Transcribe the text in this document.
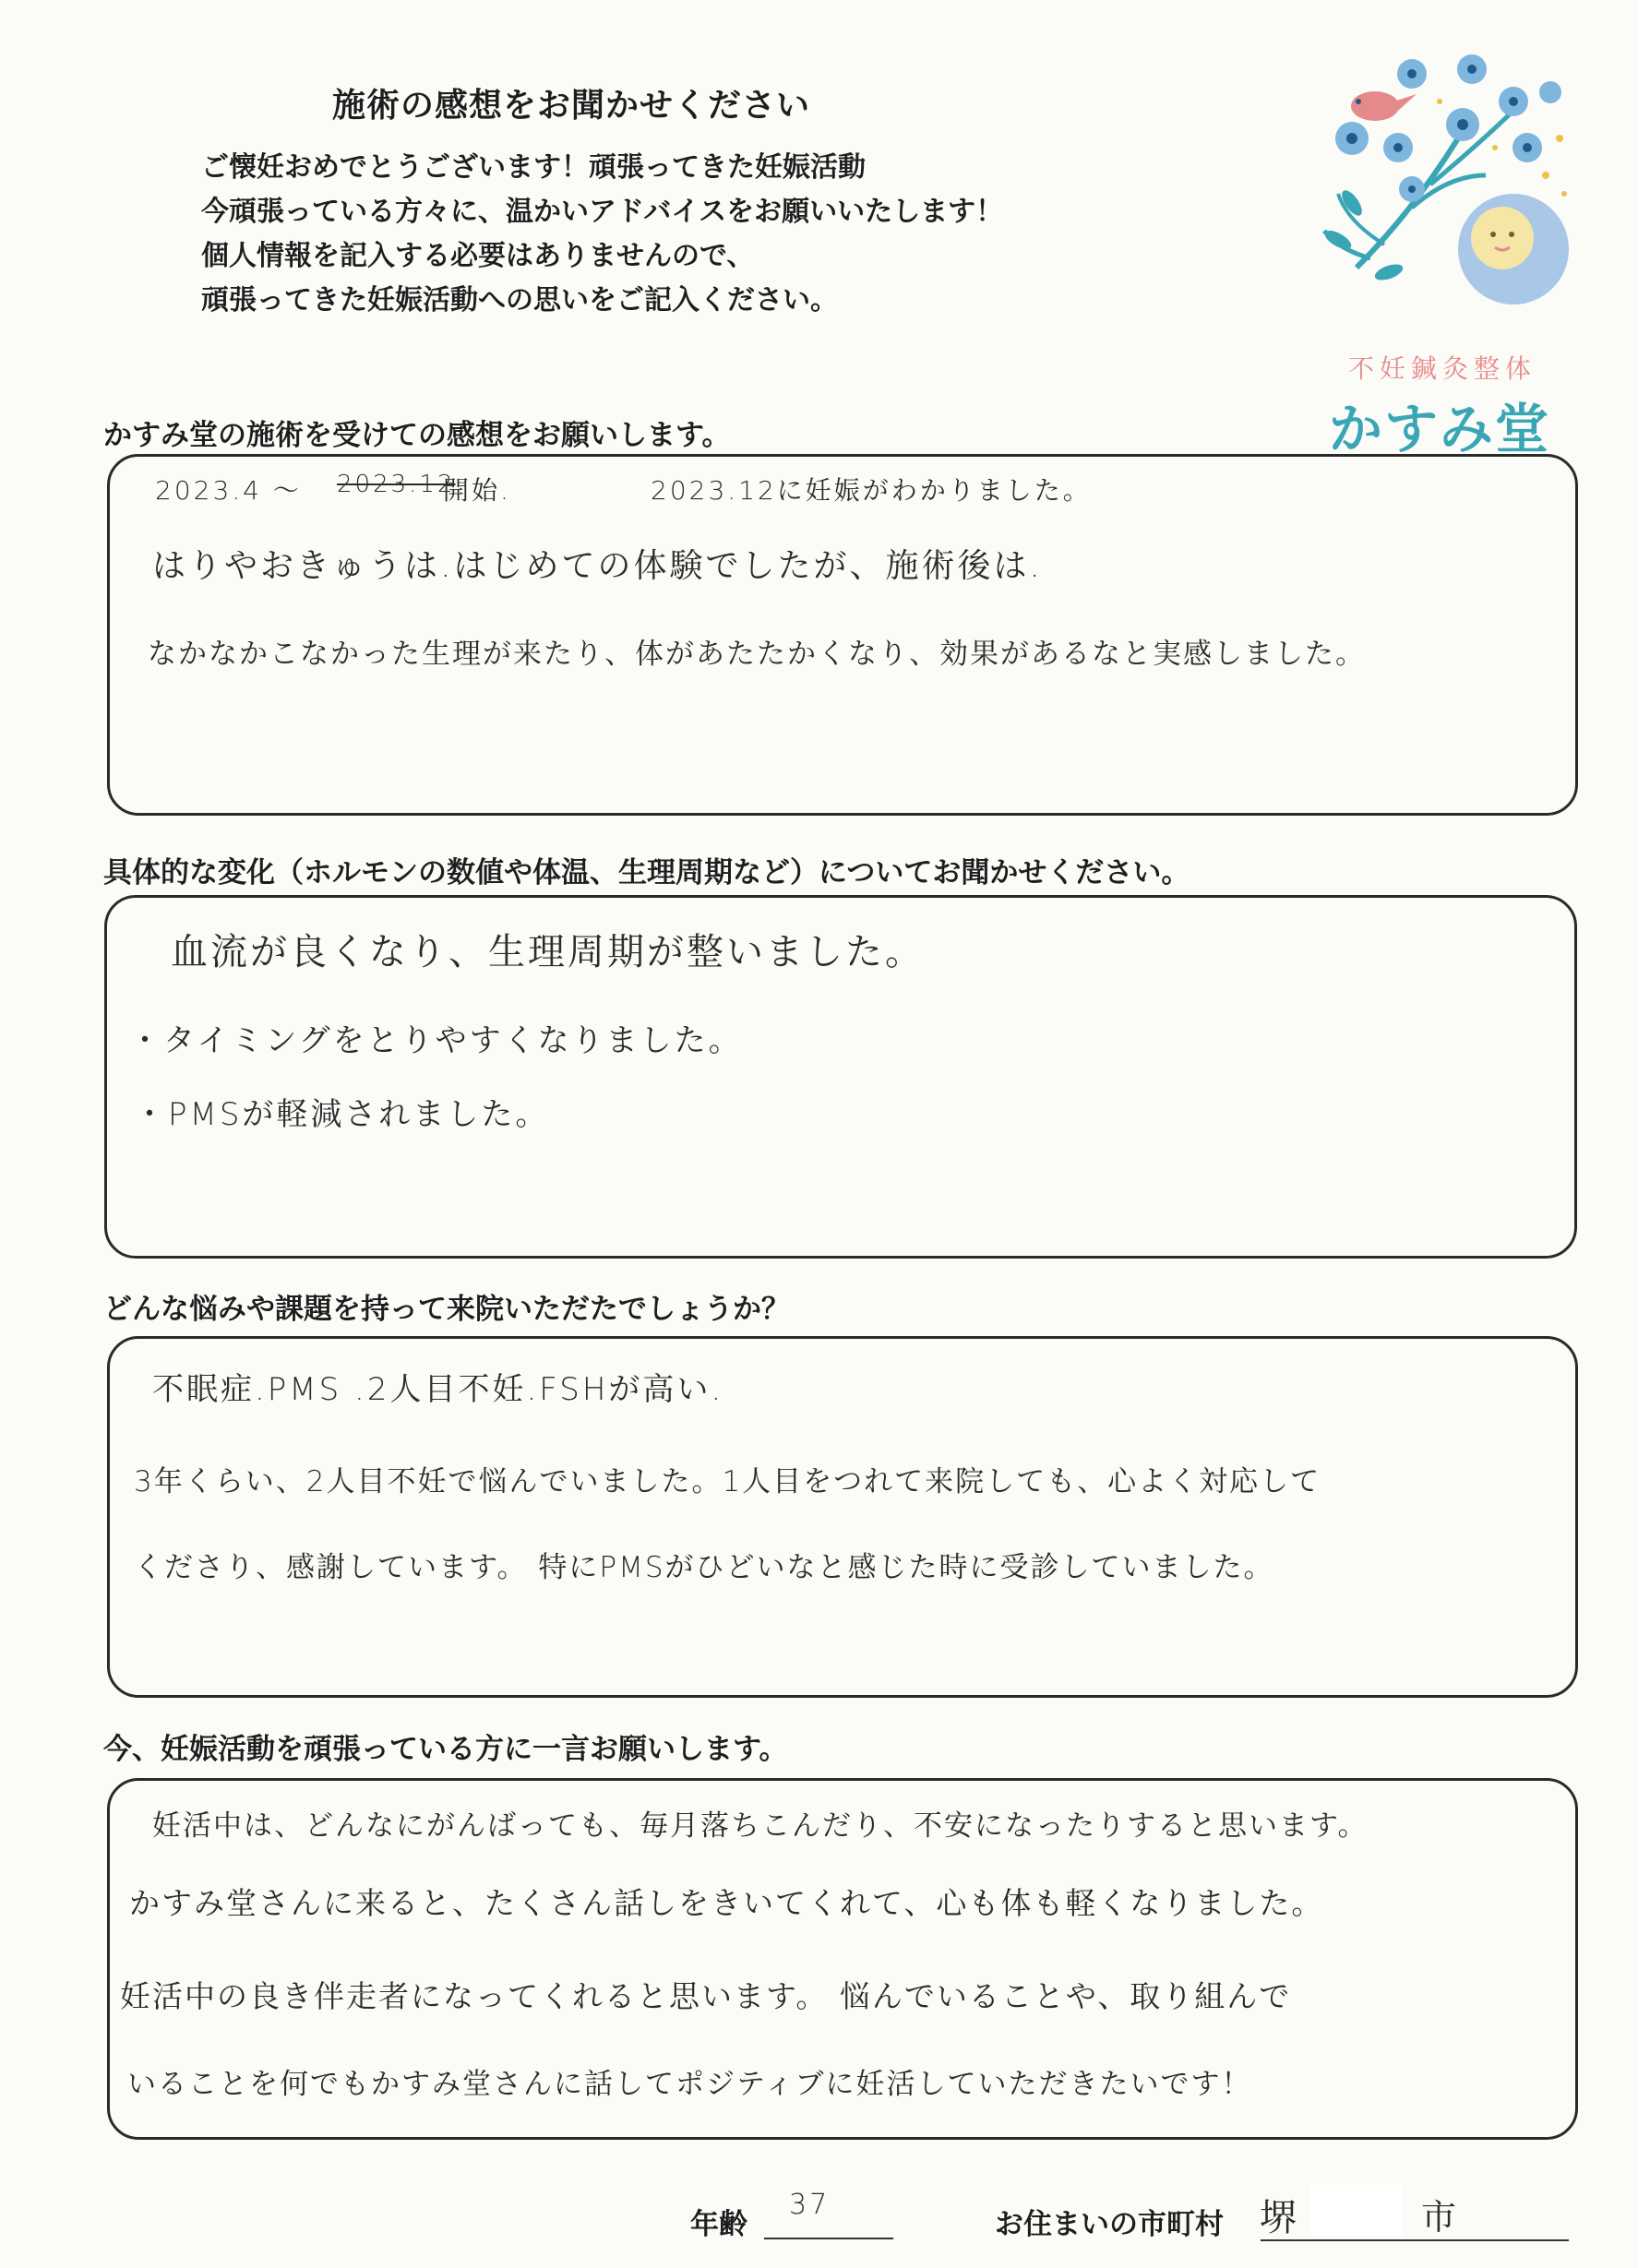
施術の感想をお聞かせください
ご懐妊おめでとうございます！頑張ってきた妊娠活動
今頑張っている方々に、温かいアドバイスをお願いいたします！
個人情報を記入する必要はありませんので、
頑張ってきた妊娠活動への思いをご記入ください。
不妊鍼灸整体
かすみ堂
かすみ堂の施術を受けての感想をお願いします。
2023.4 〜 2023.12
開始.	2023.12に妊娠がわかりました。
はりやおきゅうは.はじめての体験でしたが、施術後は.
なかなかこなかった生理が来たり、体があたたかくなり、効果があるなと実感しました。
具体的な変化（ホルモンの数値や体温、生理周期など）についてお聞かせください。
血流が良くなり、生理周期が整いました。
・タイミングをとりやすくなりました。
・PMSが軽減されました。
どんな悩みや課題を持って来院いただたでしょうか？
不眠症.PMS .2人目不妊.FSHが高い.
3年くらい、2人目不妊で悩んでいました。1人目をつれて来院しても、心よく対応して
くださり、感謝しています。 特にPMSがひどいなと感じた時に受診していました。
今、妊娠活動を頑張っている方に一言お願いします。
妊活中は、どんなにがんばっても、毎月落ちこんだり、不安になったりすると思います。
かすみ堂さんに来ると、たくさん話しをきいてくれて、心も体も軽くなりました。
妊活中の良き伴走者になってくれると思います。 悩んでいることや、取り組んで
いることを何でもかすみ堂さんに話してポジティブに妊活していただきたいです！
年齢
37
お住まいの市町村 堺	市
